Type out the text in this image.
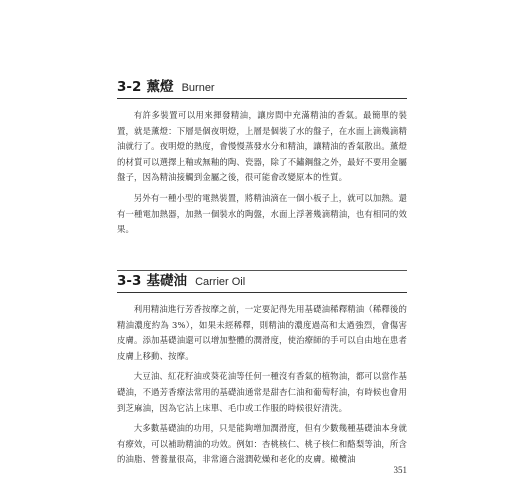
3-2 薰燈 Burner

有許多裝置可以用來揮發精油，讓房間中充滿精油的香氣。最簡單的裝置，就是薰燈：下層是個夜明燈，上層是個裝了水的盤子，在水面上滴幾滴精油就行了。夜明燈的熱度，會慢慢蒸發水分和精油，讓精油的香氣散出。薰燈的材質可以選擇上釉或無釉的陶、瓷器，除了不鏽鋼盤之外，最好不要用金屬盤子，因為精油接觸到金屬之後，很可能會改變原本的性質。

另外有一種小型的電熱裝置，將精油滴在一個小板子上，就可以加熱。還有一種電加熱器，加熱一個裝水的陶盤，水面上浮著幾滴精油，也有相同的效果。

3-3 基礎油 Carrier Oil

利用精油進行芳香按摩之前，一定要記得先用基礎油稀釋精油（稀釋後的精油濃度約為 3%），如果未經稀釋，則精油的濃度過高和太過強烈，會傷害皮膚。添加基礎油還可以增加整體的潤滑度，使治療師的手可以自由地在患者皮膚上移動、按摩。

大豆油、紅花籽油或葵花油等任何一種沒有香氣的植物油，都可以當作基礎油，不過芳香療法常用的基礎油通常是甜杏仁油和葡萄籽油，有時候也會用到芝麻油，因為它沾上床單、毛巾或工作服的時候很好清洗。

大多數基礎油的功用，只是能夠增加潤滑度，但有少數幾種基礎油本身就有療效，可以補助精油的功效。例如：杏桃核仁、桃子核仁和酪梨等油，所含的油脂、營養量很高，非常適合滋潤乾燥和老化的皮膚。橄欖油

351
